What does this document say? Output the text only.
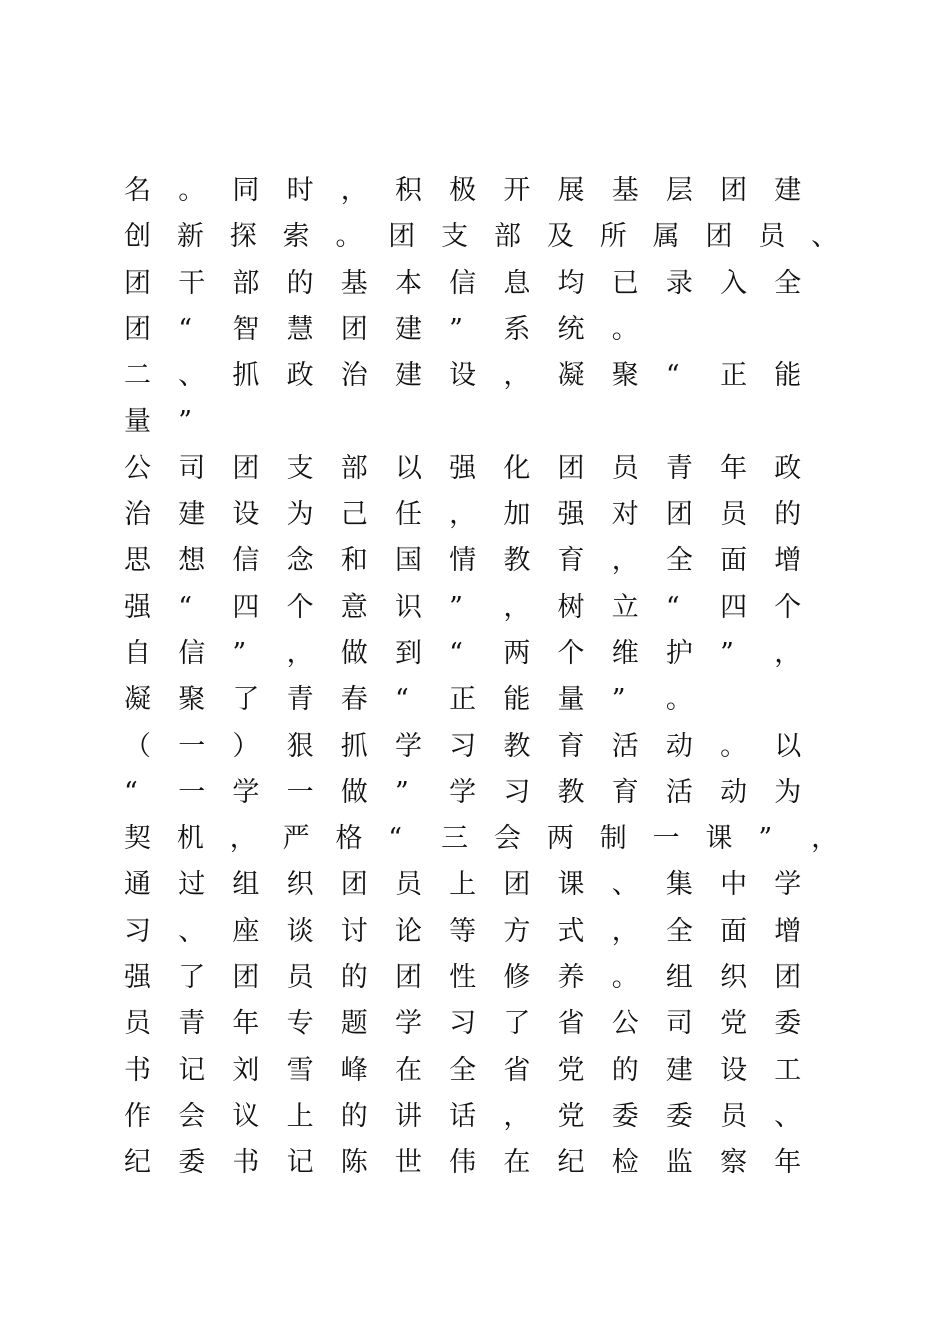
名	。	同	时	，	积	极	开	展	基	层	团	建
创 新 探 索 。 团 支 部 及 所 属 团 员 、
团	干	部	的	基	本	信	息	均	已	录	入	全
团	“	智	慧	团	建	”	系	统	。
二	、	抓	政	治	建	设	，	凝	聚	“	正	能
量	”
公	司	团	支	部	以	强	化	团	员	青	年	政
治	建	设	为	己	任	，	加	强	对	团	员	的
思	想	信	念	和	国	情	教	育	，	全	面	增
强	“	四	个	意	识	”	，	树	立	“	四	个
自	信	”	，	做	到	“	两	个	维	护	”	，
凝	聚	了	青	春	“	正	能	量	”	。
（	一	）	狠	抓	学	习	教	育	活	动	。	以
“	一	学	一	做	”	学	习	教	育	活	动	为
契 机 ， 严 格 “	三 会 两 制 一 课 ”	，
通	过	组	织	团	员	上	团	课	、	集	中	学
习	、	座	谈	讨	论	等	方	式	，	全	面	增
强	了	团	员	的	团	性	修	养	。	组	织	团
员	青	年	专	题	学	习	了	省	公	司	党	委
书	记	刘	雪	峰	在	全	省	党	的	建	设	工
作	会	议	上	的	讲	话	，	党	委	委	员	、
纪	委	书	记	陈	世	伟	在	纪	检	监	察	年
